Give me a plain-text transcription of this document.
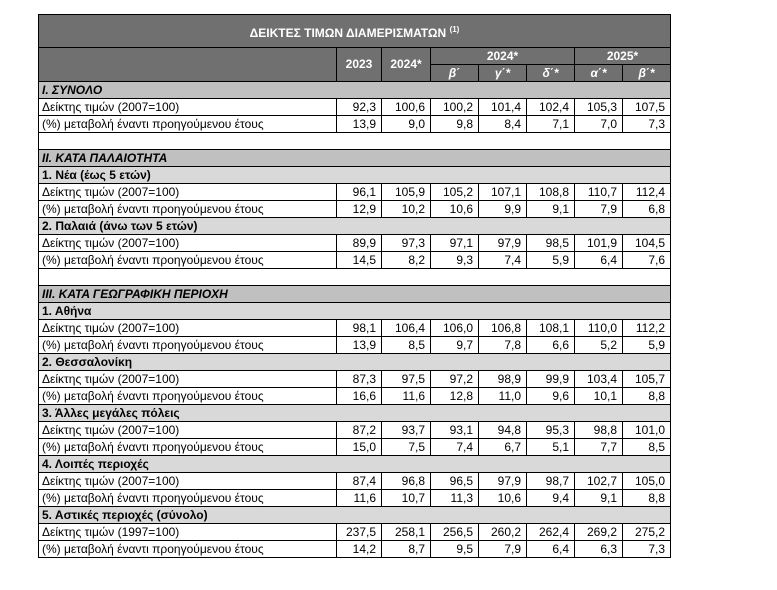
ΔΕΙΚΤΕΣ ΤΙΜΩΝ ΔΙΑΜΕΡΙΣΜΑΤΩΝ $^{(1)}$
	2023	2024*	2024*			2025*	
			β΄	γ΄*	δ΄*	α΄*	β΄*
I. ΣΥΝΟΛΟ							
Δείκτης τιμών (2007=100)	92,3	100,6	100,2	101,4	102,4	105,3	107,5
(%) μεταβολή έναντι προηγούμενου έτους	13,9	9,0	9,8	8,4	7,1	7,0	7,3

II. ΚΑΤΑ ΠΑΛΑΙΟΤΗΤΑ							
1. Νέα (έως 5 ετών)							
Δείκτης τιμών (2007=100)	96,1	105,9	105,2	107,1	108,8	110,7	112,4
(%) μεταβολή έναντι προηγούμενου έτους	12,9	10,2	10,6	9,9	9,1	7,9	6,8
2. Παλαιά (άνω των 5 ετών)							
Δείκτης τιμών (2007=100)	89,9	97,3	97,1	97,9	98,5	101,9	104,5
(%) μεταβολή έναντι προηγούμενου έτους	14,5	8,2	9,3	7,4	5,9	6,4	7,6

III. ΚΑΤΑ ΓΕΩΓΡΑΦΙΚΗ ΠΕΡΙΟΧΗ							
1. Αθήνα							
Δείκτης τιμών (2007=100)	98,1	106,4	106,0	106,8	108,1	110,0	112,2
(%) μεταβολή έναντι προηγούμενου έτους	13,9	8,5	9,7	7,8	6,6	5,2	5,9
2. Θεσσαλονίκη							
Δείκτης τιμών (2007=100)	87,3	97,5	97,2	98,9	99,9	103,4	105,7
(%) μεταβολή έναντι προηγούμενου έτους	16,6	11,6	12,8	11,0	9,6	10,1	8,8
3. Άλλες μεγάλες πόλεις							
Δείκτης τιμών (2007=100)	87,2	93,7	93,1	94,8	95,3	98,8	101,0
(%) μεταβολή έναντι προηγούμενου έτους	15,0	7,5	7,4	6,7	5,1	7,7	8,5
4. Λοιπές περιοχές							
Δείκτης τιμών (2007=100)	87,4	96,8	96,5	97,9	98,7	102,7	105,0
(%) μεταβολή έναντι προηγούμενου έτους	11,6	10,7	11,3	10,6	9,4	9,1	8,8
5. Αστικές περιοχές (σύνολο)							
Δείκτης τιμών (1997=100)	237,5	258,1	256,5	260,2	262,4	269,2	275,2
(%) μεταβολή έναντι προηγούμενου έτους	14,2	8,7	9,5	7,9	6,4	6,3	7,3
